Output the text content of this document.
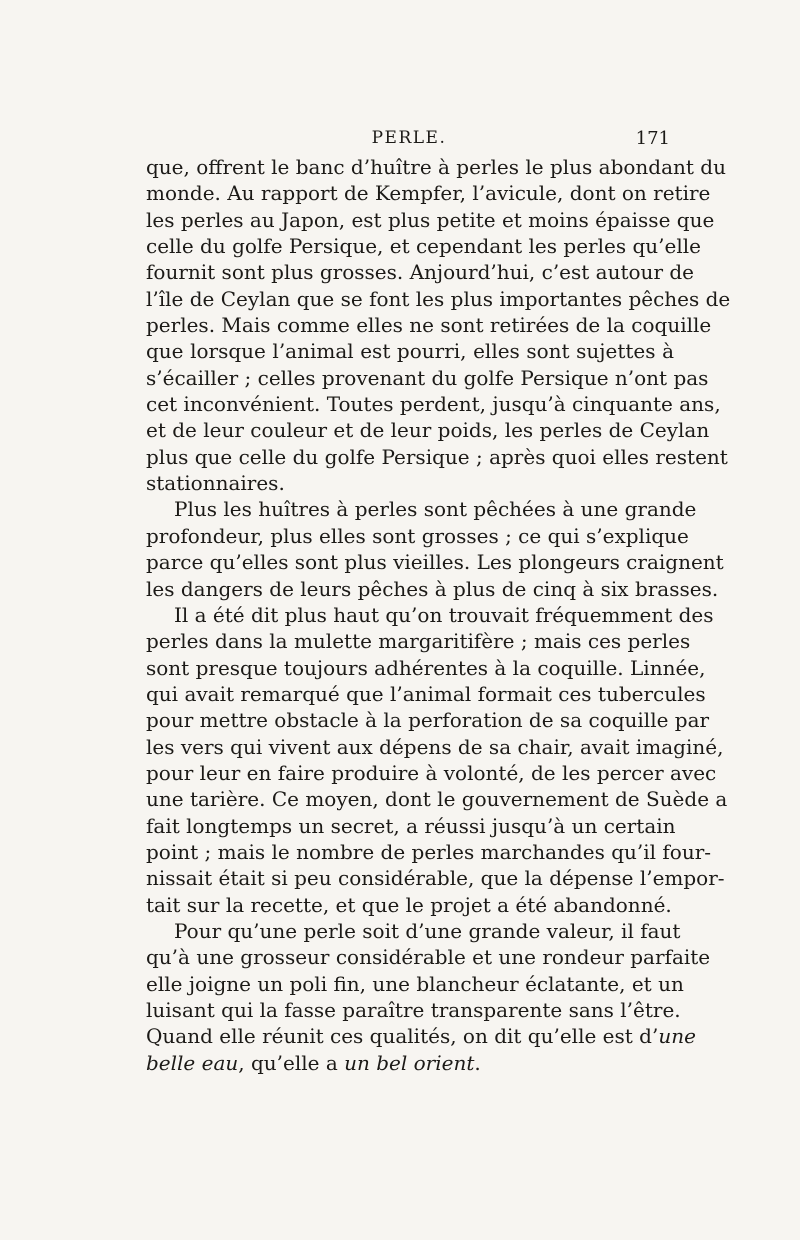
PERLE.	171
que, offrent le banc d’huître à perles le plus abondant du
monde. Au rapport de Kempfer, l’avicule, dont on retire
les perles au Japon, est plus petite et moins épaisse que
celle du golfe Persique, et cependant les perles qu’elle
fournit sont plus grosses. Anjourd’hui, c’est autour de
l’île de Ceylan que se font les plus importantes pêches de
perles. Mais comme elles ne sont retirées de la coquille
que lorsque l’animal est pourri, elles sont sujettes à
s’écailler ; celles provenant du golfe Persique n’ont pas
cet inconvénient. Toutes perdent, jusqu’à cinquante ans,
et de leur couleur et de leur poids, les perles de Ceylan
plus que celle du golfe Persique ; après quoi elles restent
stationnaires.
Plus les huîtres à perles sont pêchées à une grande
profondeur, plus elles sont grosses ; ce qui s’explique
parce qu’elles sont plus vieilles. Les plongeurs craignent
les dangers de leurs pêches à plus de cinq à six brasses.
Il a été dit plus haut qu’on trouvait fréquemment des
perles dans la mulette margaritifère ; mais ces perles
sont presque toujours adhérentes à la coquille. Linnée,
qui avait remarqué que l’animal formait ces tubercules
pour mettre obstacle à la perforation de sa coquille par
les vers qui vivent aux dépens de sa chair, avait imaginé,
pour leur en faire produire à volonté, de les percer avec
une tarière. Ce moyen, dont le gouvernement de Suède a
fait longtemps un secret, a réussi jusqu’à un certain
point ; mais le nombre de perles marchandes qu’il four-
nissait était si peu considérable, que la dépense l’empor-
tait sur la recette, et que le projet a été abandonné.
Pour qu’une perle soit d’une grande valeur, il faut
qu’à une grosseur considérable et une rondeur parfaite
elle joigne un poli fin, une blancheur éclatante, et un
luisant qui la fasse paraître transparente sans l’être.
Quand elle réunit ces qualités, on dit qu’elle est d’une
belle eau, qu’elle a un bel orient.
